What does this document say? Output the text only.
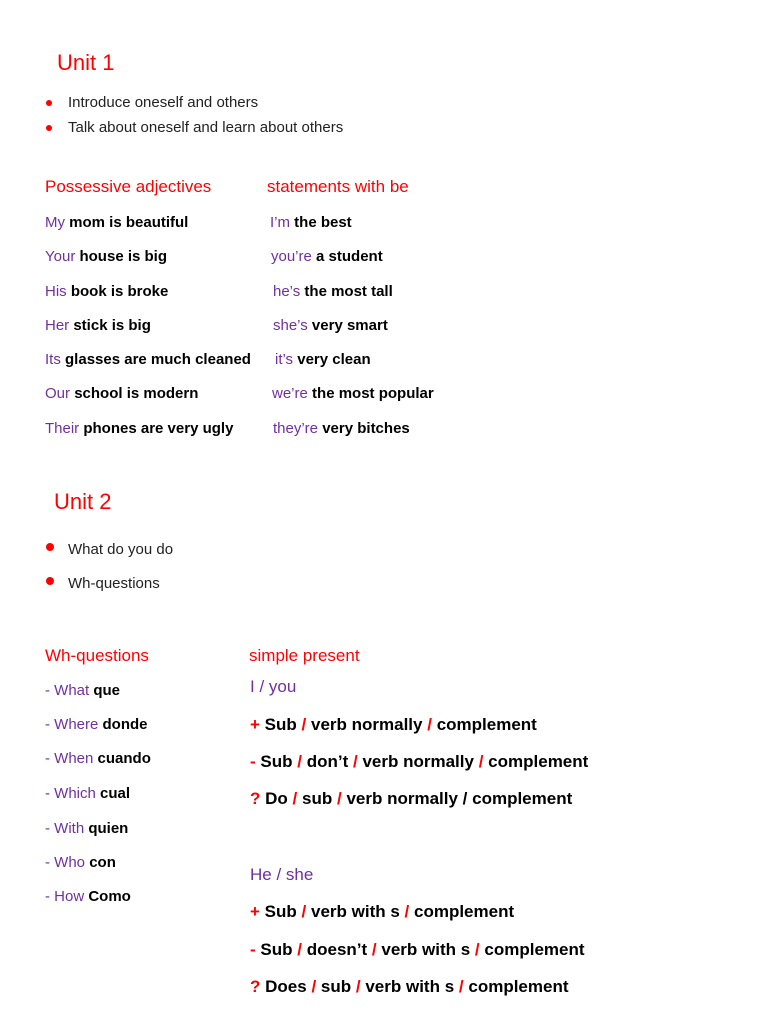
Unit 1
Introduce oneself and others
Talk about oneself and learn about others
Possessive adjectives	statements with be
My mom is beautiful
Your house is big
His book is broke
Her stick is big
Its glasses are much cleaned
Our school is modern
Their phones are very ugly
I’m the best
you’re a student
he’s the most tall
she’s very smart
it’s very clean
we’re the most popular
they’re very bitches
Unit 2
What do you do
Wh-questions
Wh-questions	simple present
- What que
- Where donde
- When cuando
- Which cual
- With quien
- Who con
- How Como
I / you
+ Sub / verb normally / complement
- Sub / don’t / verb normally / complement
? Do / sub / verb normally / complement
He / she
+ Sub / verb with s / complement
- Sub / doesn’t / verb with s / complement
? Does / sub / verb with s / complement
